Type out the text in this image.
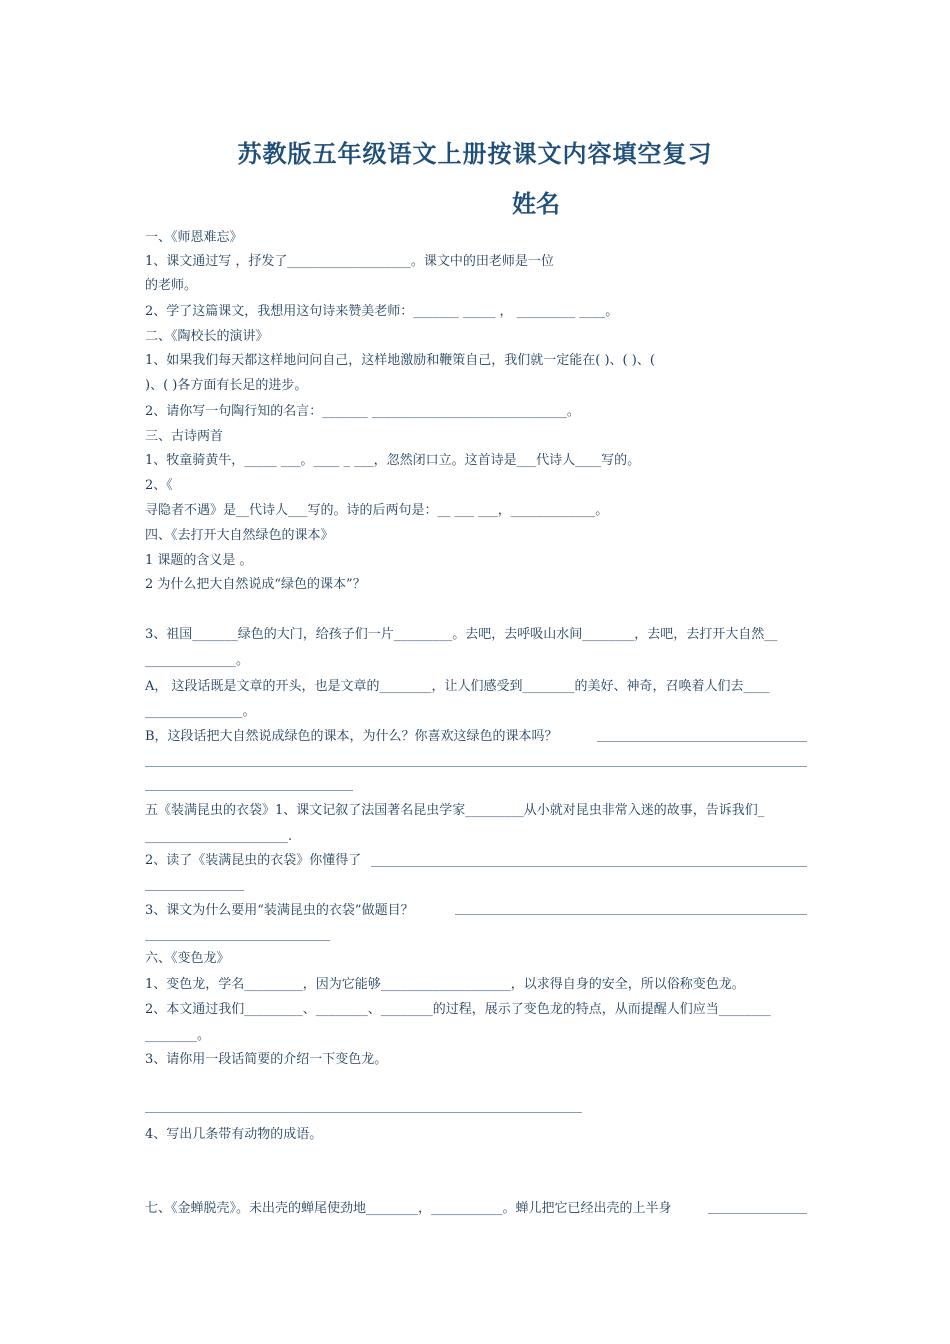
苏教版五年级语文上册按课文内容填空复习
姓名
一、《师恩难忘》
1、课文通过写 ，抒发了___________________。课文中的田老师是一位
的老师。
2、学了这篇课文，我想用这句诗来赞美老师：_______ _____ ， _________ ____。
二、《陶校长的演讲》
1、如果我们每天都这样地问问自己，这样地激励和鞭策自己，我们就一定能在( )、( )、(
)、( )各方面有长足的进步。
2、请你写一句陶行知的名言：_______ ______________________________。
三、古诗两首
1、牧童骑黄牛，_____ ___。____ _ ___，忽然闭口立。这首诗是___代诗人____写的。
2、《
寻隐者不遇》是__代诗人___写的。诗的后两句是：__ ___ ___，_____________。
四、《去打开大自然绿色的课本》
1 课题的含义是 。
2 为什么把大自然说成“绿色的课本”？
3、祖国_______绿色的大门，给孩子们一片_________。去吧，去呼吸山水间________，去吧，去打开大自然__
______________。
A， 这段话既是文章的开头，也是文章的________，让人们感受到________的美好、神奇，召唤着人们去____
_______________。
B，这段话把大自然说成绿色的课本，为什么？你喜欢这绿色的课本吗？
五《装满昆虫的衣袋》1、课文记叙了法国著名昆虫学家_________从小就对昆虫非常入迷的故事，告诉我们_
______________________.
2、读了《装满昆虫的衣袋》你懂得了
3、课文为什么要用“装满昆虫的衣袋”做题目？
六、《变色龙》
1、变色龙，学名_________，因为它能够____________________，以求得自身的安全，所以俗称变色龙。
2、本文通过我们_________、________、________的过程，展示了变色龙的特点，从而提醒人们应当________
________。
3、请你用一段话简要的介绍一下变色龙。
4、写出几条带有动物的成语。
七、《金蝉脱壳》。未出壳的蝉尾使劲地________，___________。蝉儿把它已经出壳的上半身
